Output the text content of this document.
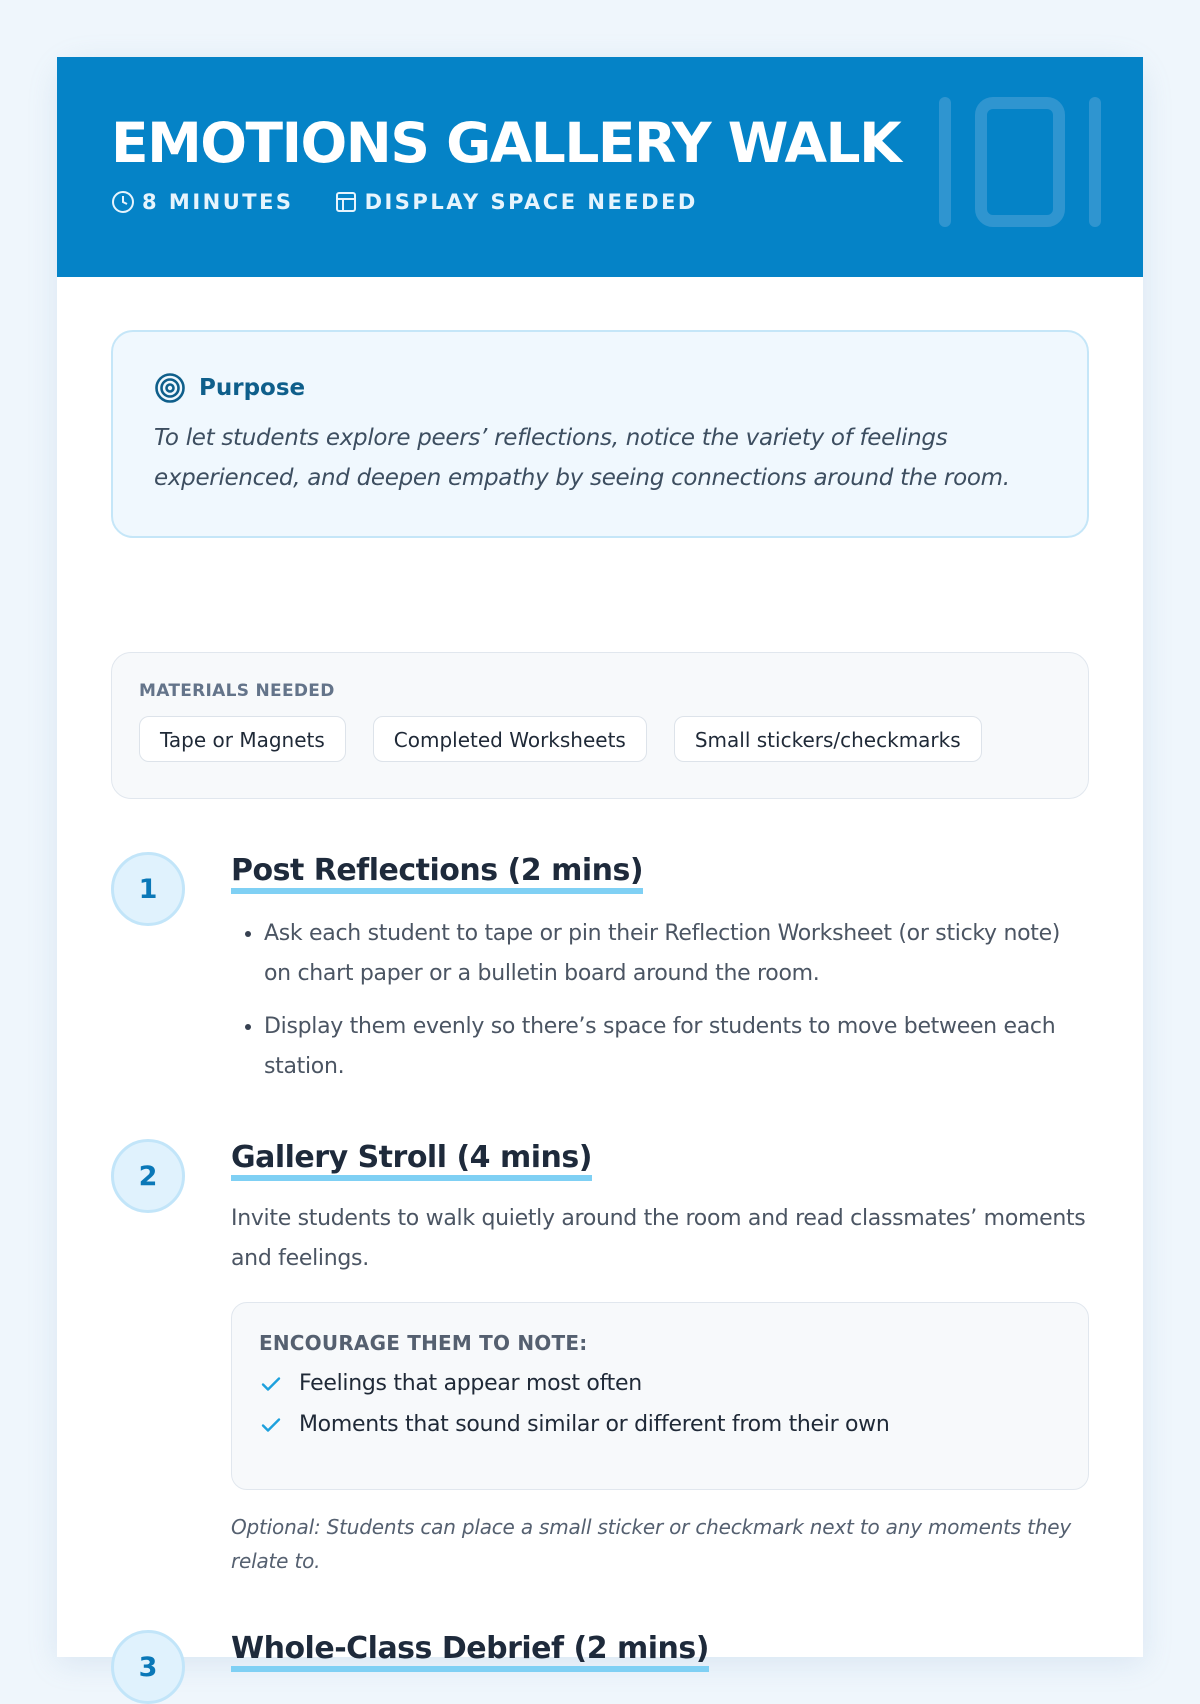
EMOTIONS GALLERY WALK
8 MINUTES	DISPLAY SPACE NEEDED
Purpose
To let students explore peers’ reflections, notice the variety of feelings experienced, and deepen empathy by seeing connections around the room.
MATERIALS NEEDED
Tape or Magnets	Completed Worksheets	Small stickers/checkmarks
1
Post Reflections (2 mins)
• Ask each student to tape or pin their Reflection Worksheet (or sticky note) on chart paper or a bulletin board around the room.
• Display them evenly so there’s space for students to move between each station.
2
Gallery Stroll (4 mins)
Invite students to walk quietly around the room and read classmates’ moments and feelings.
ENCOURAGE THEM TO NOTE:
Feelings that appear most often
Moments that sound similar or different from their own
Optional: Students can place a small sticker or checkmark next to any moments they relate to.
3
Whole-Class Debrief (2 mins)
